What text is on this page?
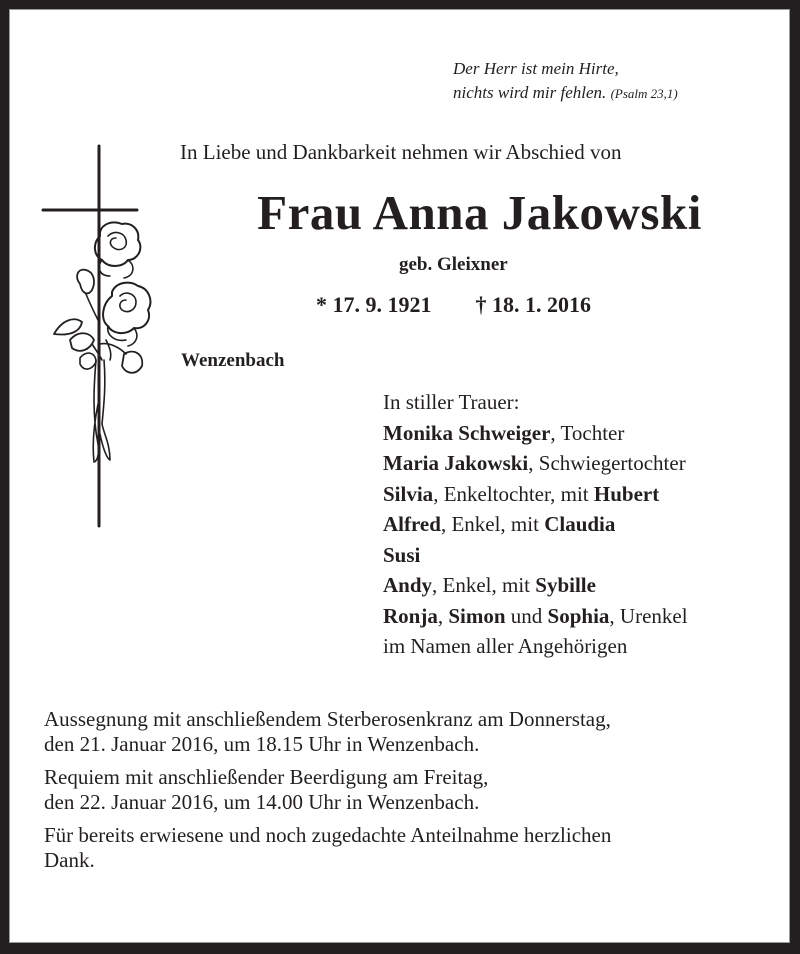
Der Herr ist mein Hirte,
nichts wird mir fehlen. (Psalm 23,1)
In Liebe und Dankbarkeit nehmen wir Abschied von
Frau Anna Jakowski
geb. Gleixner
* 17. 9. 1921 † 18. 1. 2016
Wenzenbach
In stiller Trauer:
Monika Schweiger, Tochter
Maria Jakowski, Schwiegertochter
Silvia, Enkeltochter, mit Hubert
Alfred, Enkel, mit Claudia
Susi
Andy, Enkel, mit Sybille
Ronja, Simon und Sophia, Urenkel
im Namen aller Angehörigen

Aussegnung mit anschließendem Sterberosenkranz am Donnerstag,
den 21. Januar 2016, um 18.15 Uhr in Wenzenbach.

Requiem mit anschließender Beerdigung am Freitag,
den 22. Januar 2016, um 14.00 Uhr in Wenzenbach.

Für bereits erwiesene und noch zugedachte Anteilnahme herzlichen
Dank.
